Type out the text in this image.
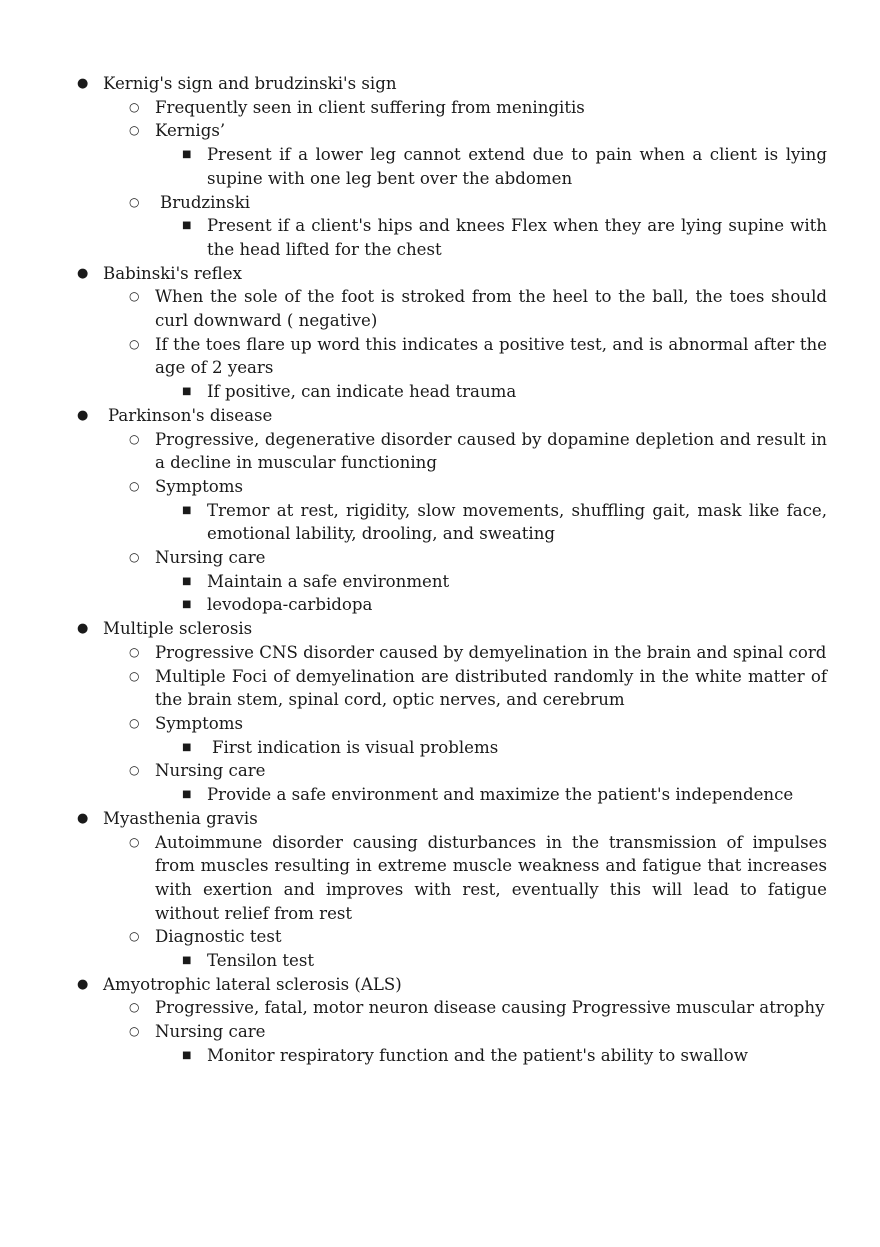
● Kernig's sign and brudzinski's sign
○ Frequently seen in client suffering from meningitis
○ Kernigs’
■ Present if a lower leg cannot extend due to pain when a client is lying supine with one leg bent over the abdomen
○ Brudzinski
■ Present if a client's hips and knees Flex when they are lying supine with the head lifted for the chest
● Babinski's reflex
○ When the sole of the foot is stroked from the heel to the ball, the toes should curl downward ( negative)
○ If the toes flare up word this indicates a positive test, and is abnormal after the age of 2 years
■ If positive, can indicate head trauma
● Parkinson's disease
○ Progressive, degenerative disorder caused by dopamine depletion and result in a decline in muscular functioning
○ Symptoms
■ Tremor at rest, rigidity, slow movements, shuffling gait, mask like face, emotional lability, drooling, and sweating
○ Nursing care
■ Maintain a safe environment
■ levodopa-carbidopa
● Multiple sclerosis
○ Progressive CNS disorder caused by demyelination in the brain and spinal cord
○ Multiple Foci of demyelination are distributed randomly in the white matter of the brain stem, spinal cord, optic nerves, and cerebrum
○ Symptoms
■ First indication is visual problems
○ Nursing care
■ Provide a safe environment and maximize the patient's independence
● Myasthenia gravis
○ Autoimmune disorder causing disturbances in the transmission of impulses from muscles resulting in extreme muscle weakness and fatigue that increases with exertion and improves with rest, eventually this will lead to fatigue without relief from rest
○ Diagnostic test
■ Tensilon test
● Amyotrophic lateral sclerosis (ALS)
○ Progressive, fatal, motor neuron disease causing Progressive muscular atrophy
○ Nursing care
■ Monitor respiratory function and the patient's ability to swallow
